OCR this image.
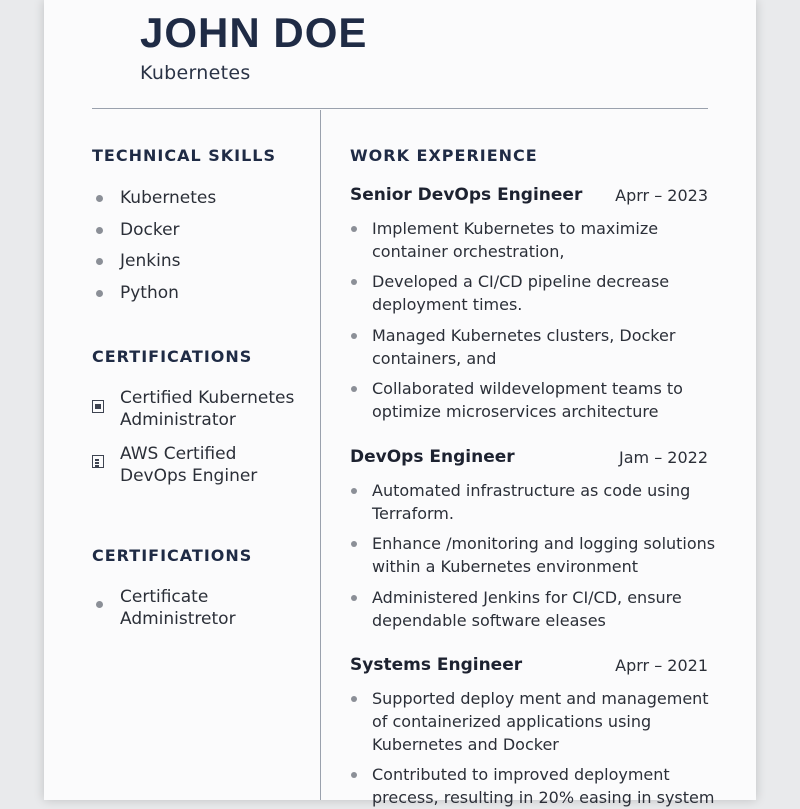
JOHN DOE
Kubernetes
TECHNICAL SKILLS
Kubernetes
Docker
Jenkins
Python
CERTIFICATIONS
Certified Kubernetes
Administrator
AWS Certified
DevOps Enginer
CERTIFICATIONS
Certificate
Administretor
WORK EXPERIENCE
Senior DevOps Engineer Aprr – 2023
Implement Kubernetes to maximize
container orchestration,
Developed a CI/CD pipeline decrease
deployment times.
Managed Kubernetes clusters, Docker
containers, and
Collaborated wildevelopment teams to
optimize microservices architecture
DevOps Engineer	Jam – 2022
Automated infrastructure as code using
Terraform.
Enhance /monitoring and logging solutions
within a Kubernetes environment
Administered Jenkins for CI/CD, ensure
dependable software eleases
Systems Engineer	Aprr – 2021
Supported deploy ment and management
of containerized applications using
Kubernetes and Docker
Contributed to improved deployment
precess, resulting in 20% easing in system
